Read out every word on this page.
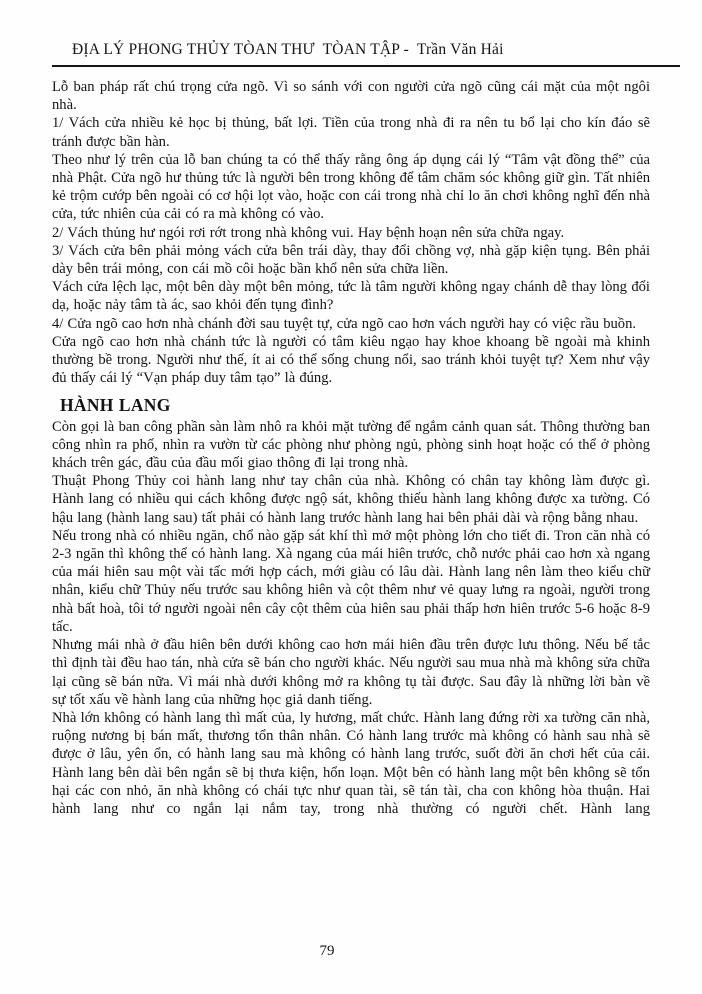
ĐỊA LÝ PHONG THỦY TÒAN THƯ  TÒAN TẬP -  Trần Văn Hải

Lỗ ban pháp rất chú trọng cửa ngõ. Vì so sánh với con người cửa ngõ cũng cái mặt của một ngôi nhà.

1/ Vách cửa nhiều kẻ học bị thủng, bất lợi. Tiền của trong nhà đi ra nên tu bổ lại cho kín đáo sẽ tránh được bần hàn.

Theo như lý trên của lỗ ban chúng ta có thể thấy rằng ông áp dụng cái lý “Tâm vật đồng thể” của nhà Phật. Cửa ngõ hư thủng tức là người bên trong không để tâm chăm sóc không giữ gìn. Tất nhiên kẻ trộm cướp bên ngoài có cơ hội lọt vào, hoặc con cái trong nhà chỉ lo ăn chơi không nghĩ đến nhà cửa, tức nhiên của cải có ra mà không có vào.

2/ Vách thủng hư ngói rơi rớt trong nhà không vui. Hay bệnh hoạn nên sửa chữa ngay.

3/ Vách cửa bên phải mỏng vách cửa bên trái dày, thay đổi chồng vợ, nhà gặp kiện tụng. Bên phải dày bên trái mỏng, con cái mồ côi hoặc bần khổ nên sửa chữa liền.

Vách cửa lệch lạc, một bên dày một bên mỏng, tức là tâm người không ngay chánh dễ thay lòng đổi dạ, hoặc nảy tâm tà ác, sao khỏi đến tụng đình?

4/ Cửa ngõ cao hơn nhà chánh đời sau tuyệt tự, cửa ngõ cao hơn vách người hay có việc rầu buồn.

Cửa ngõ cao hơn nhà chánh tức là người có tâm kiêu ngạo hay khoe khoang bề ngoài mà khinh thường bề trong. Người như thế, ít ai có thể sống chung nổi, sao tránh khỏi tuyệt tự? Xem như vậy đủ thấy cái lý “Vạn pháp duy tâm tạo” là đúng.

HÀNH LANG

Còn gọi là ban công phần sàn làm nhô ra khỏi mặt tường để ngắm cảnh quan sát. Thông thường ban công nhìn ra phố, nhìn ra vườn từ các phòng như phòng ngủ, phòng sinh hoạt hoặc có thể ở phòng khách trên gác, đầu của đầu mối giao thông đi lại trong nhà.

Thuật Phong Thủy coi hành lang như tay chân của nhà. Không có chân tay không làm được gì. Hành lang có nhiều qui cách không được ngộ sát, không thiếu hành lang không được xa tường. Có hậu lang (hành lang sau) tất phải có hành lang trước hành lang hai bên phải dài và rộng bằng nhau.

Nếu trong nhà có nhiều ngăn, chổ nào gặp sát khí thì mở một phòng lớn cho tiết đi. Tron căn nhà có 2-3 ngăn thì không thể có hành lang. Xà ngang của mái hiên trước, chỗ nước phải cao hơn xà ngang của mái hiên sau một vài tấc mới hợp cách, mới giàu có lâu dài. Hành lang nên làm theo kiểu chữ nhân, kiểu chữ Thủy nếu trước sau không hiên và cột thêm như vẻ quay lưng ra ngoài, người trong nhà bất hoà, tôi tớ người ngoài nên cây cột thêm của hiên sau phải thấp hơn hiên trước 5-6 hoặc 8-9 tấc.

Nhưng mái nhà ở đầu hiên bên dưới không cao hơn mái hiên đầu trên được lưu thông. Nếu bế tắc thì định tài đều hao tán, nhà cửa sẽ bán cho người khác. Nếu người sau mua nhà mà không sửa chữa lại cũng sẽ bán nữa. Vì mái nhà dưới không mở ra không tụ tài được. Sau đây là những lời bàn về sự tốt xấu về hành lang của những học giả danh tiếng.

Nhà lớn không có hành lang thì mất của, ly hương, mất chức. Hành lang đứng rời xa tường căn nhà, ruộng nương bị bán mất, thương tổn thân nhân. Có hành lang trước mà không có hành sau nhà sẽ được ở lâu, yên ổn, có hành lang sau mà không có hành lang trước, suốt đời ăn chơi hết của cải. Hành lang bên dài bên ngắn sẽ bị thưa kiện, hổn loạn. Một bên có hành lang một bên không sẽ tổn hại các con nhỏ, ăn nhà không có chái tực như quan tài, sẽ tán tài, cha con không hòa thuận. Hai hành lang như co ngắn lại nắm tay, trong nhà thường có người chết. Hành lang

79
